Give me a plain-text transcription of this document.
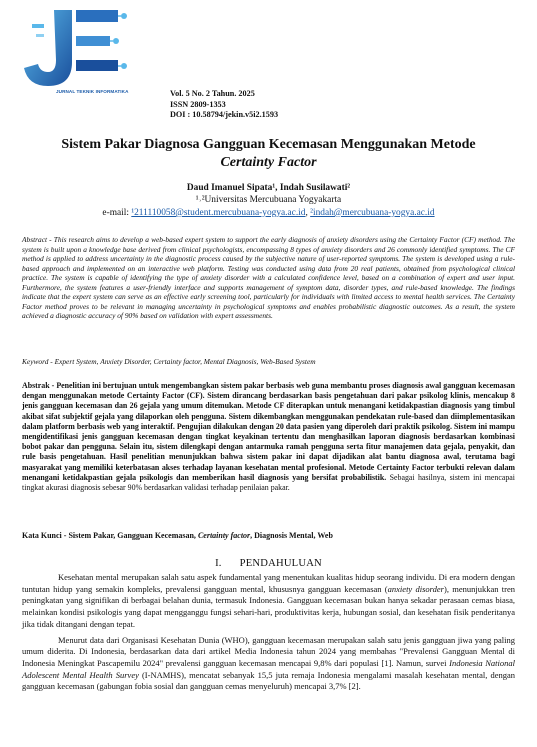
JURNAL TEKNIK INFORMATIKA	Vol. 5 No. 2 Tahun. 2025
ISSN 2809-1353
DOI : 10.58794/jekin.v5i2.1593
Sistem Pakar Diagnosa Gangguan Kecemasan Menggunakan Metode
Certainty Factor
Daud Imanuel Sipata¹, Indah Susilawati²
¹˒²Universitas Mercubuana Yogyakarta
e-mail: ¹211110058@student.mercubuana-yogya.ac.id, ²indah@mercubuana-yogya.ac.id
Abstract - This research aims to develop a web-based expert system to support the early diagnosis of anxiety disorders using the Certainty Factor (CF) method. The system is built upon a knowledge base derived from clinical psychologists, encompassing 8 types of anxiety disorders and 26 commonly identified symptoms. The CF method is applied to address uncertainty in the diagnostic process caused by the subjective nature of user-reported symptoms. The system is developed using a rule-based approach and implemented on an interactive web platform. Testing was conducted using data from 20 real patients, obtained from psychological clinical practice. The system is capable of identifying the type of anxiety disorder with a calculated confidence level, based on a combination of expert and user input. Furthermore, the system features a user-friendly interface and supports management of symptom data, disorder types, and rule-based knowledge. The findings indicate that the expert system can serve as an effective early screening tool, particularly for individuals with limited access to mental health services. The Certainty Factor method proves to be relevant in managing uncertainty in psychological symptoms and enables probabilistic diagnostic outcomes. As a result, the system achieved a diagnostic accuracy of 90% based on validation with expert assessments.
Keyword - Expert System, Anxiety Disorder, Certainty factor, Mental Diagnosis, Web-Based System
Abstrak - Penelitian ini bertujuan untuk mengembangkan sistem pakar berbasis web guna membantu proses diagnosis awal gangguan kecemasan dengan menggunakan metode Certainty Factor (CF). Sistem dirancang berdasarkan basis pengetahuan dari pakar psikolog klinis, mencakup 8 jenis gangguan kecemasan dan 26 gejala yang umum ditemukan. Metode CF diterapkan untuk menangani ketidakpastian diagnosis yang timbul akibat sifat subjektif gejala yang dilaporkan oleh pengguna. Sistem dikembangkan menggunakan pendekatan rule-based dan diimplementasikan dalam platform berbasis web yang interaktif. Pengujian dilakukan dengan 20 data pasien yang diperoleh dari praktik psikolog. Sistem ini mampu mengidentifikasi jenis gangguan kecemasan dengan tingkat keyakinan tertentu dan menghasilkan laporan diagnosis berdasarkan kombinasi bobot pakar dan pengguna. Selain itu, sistem dilengkapi dengan antarmuka ramah pengguna serta fitur manajemen data gejala, penyakit, dan rule basis pengetahuan. Hasil penelitian menunjukkan bahwa sistem pakar ini dapat dijadikan alat bantu diagnosa awal, terutama bagi masyarakat yang memiliki keterbatasan akses terhadap layanan kesehatan mental profesional. Metode Certainty Factor terbukti relevan dalam menangani ketidakpastian gejala psikologis dan memberikan hasil diagnosis yang bersifat probabilistik. Sebagai hasilnya, sistem ini mencapai tingkat akurasi diagnosis sebesar 90% berdasarkan validasi terhadap penilaian pakar.
Kata Kunci - Sistem Pakar, Gangguan Kecemasan, Certainty factor, Diagnosis Mental, Web
I. PENDAHULUAN

Kesehatan mental merupakan salah satu aspek fundamental yang menentukan kualitas hidup seorang individu. Di era modern dengan tuntutan hidup yang semakin kompleks, prevalensi gangguan mental, khususnya gangguan kecemasan (anxiety disorder), menunjukkan tren peningkatan yang signifikan di berbagai belahan dunia, termasuk Indonesia. Gangguan kecemasan bukan hanya sekadar perasaan cemas biasa, melainkan kondisi psikologis yang dapat mengganggu fungsi sehari-hari, produktivitas kerja, hubungan sosial, dan kesehatan fisik penderitanya jika tidak ditangani dengan tepat.

Menurut data dari Organisasi Kesehatan Dunia (WHO), gangguan kecemasan merupakan salah satu jenis gangguan jiwa yang paling umum diderita. Di Indonesia, berdasarkan data dari artikel Media Indonesia tahun 2024 yang membahas "Prevalensi Gangguan Mental di Indonesia Meningkat Pascapemilu 2024" prevalensi gangguan kecemasan mencapai 9,8% dari populasi [1]. Namun, survei Indonesia National Adolescent Mental Health Survey (I-NAMHS), mencatat sebanyak 15,5 juta remaja Indonesia mengalami masalah kesehatan mental, dengan gangguan kecemasan (gabungan fobia sosial dan gangguan cemas menyeluruh) mencapai 3,7% [2].
